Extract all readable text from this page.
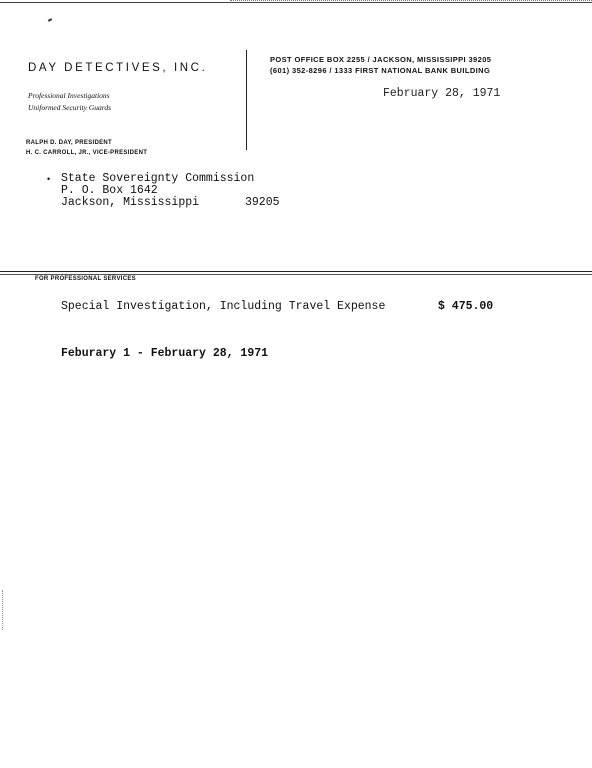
DAY DETECTIVES, INC.
Professional Investigations
Uniformed Security Guards
RALPH D. DAY, PRESIDENT
H. C. CARROLL, JR., VICE-PRESIDENT
POST OFFICE BOX 2255 / JACKSON, MISSISSIPPI 39205
(601) 352-8296 / 1333 FIRST NATIONAL BANK BUILDING
February 28, 1971
• State Sovereignty Commission
P. O. Box 1642
Jackson, Mississippi	39205
FOR PROFESSIONAL SERVICES
Special Investigation, Including Travel Expense	$ 475.00
Feburary 1 - February 28, 1971
